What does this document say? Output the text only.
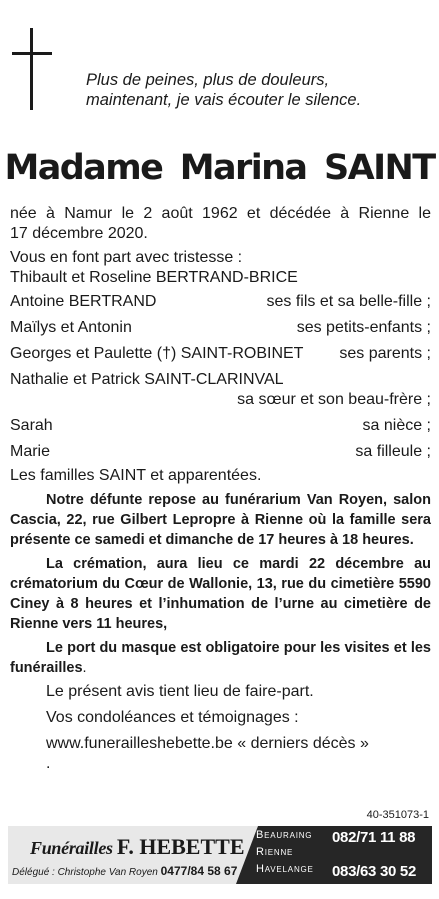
Plus de peines, plus de douleurs,
maintenant, je vais écouter le silence.
Madame Marina SAINT
née à Namur le 2 août 1962 et décédée à Rienne le
17 décembre 2020.
Vous en font part avec tristesse :
Thibault et Roseline BERTRAND-BRICE
Antoine BERTRAND	ses fils et sa belle-fille ;
Maïlys et Antonin	ses petits-enfants ;
Georges et Paulette (†) SAINT-ROBINET ses parents ;
Nathalie et Patrick SAINT-CLARINVAL
sa sœur et son beau-frère ;
Sarah	sa nièce ;
Marie	sa filleule ;
Les familles SAINT et apparentées.
Notre défunte repose au funérarium Van Royen, salon Cascia, 22, rue Gilbert Lepropre à Rienne où la famille sera présente ce samedi et dimanche de 17 heures à 18 heures.
La crémation, aura lieu ce mardi 22 décembre au crématorium du Cœur de Wallonie, 13, rue du cimetière 5590 Ciney à 8 heures et l’inhumation de l’urne au cimetière de Rienne vers 11 heures,
Le port du masque est obligatoire pour les visites et les funérailles.
Le présent avis tient lieu de faire-part.
Vos condoléances et témoignages :
www.funerailleshebette.be « derniers décès »
.
40-351073-1
Funérailles F. HEBETTE
Délégué : Christophe Van Royen 0477/84 58 67
Beauraing 082/71 11 88
Rienne
Havelange 083/63 30 52
